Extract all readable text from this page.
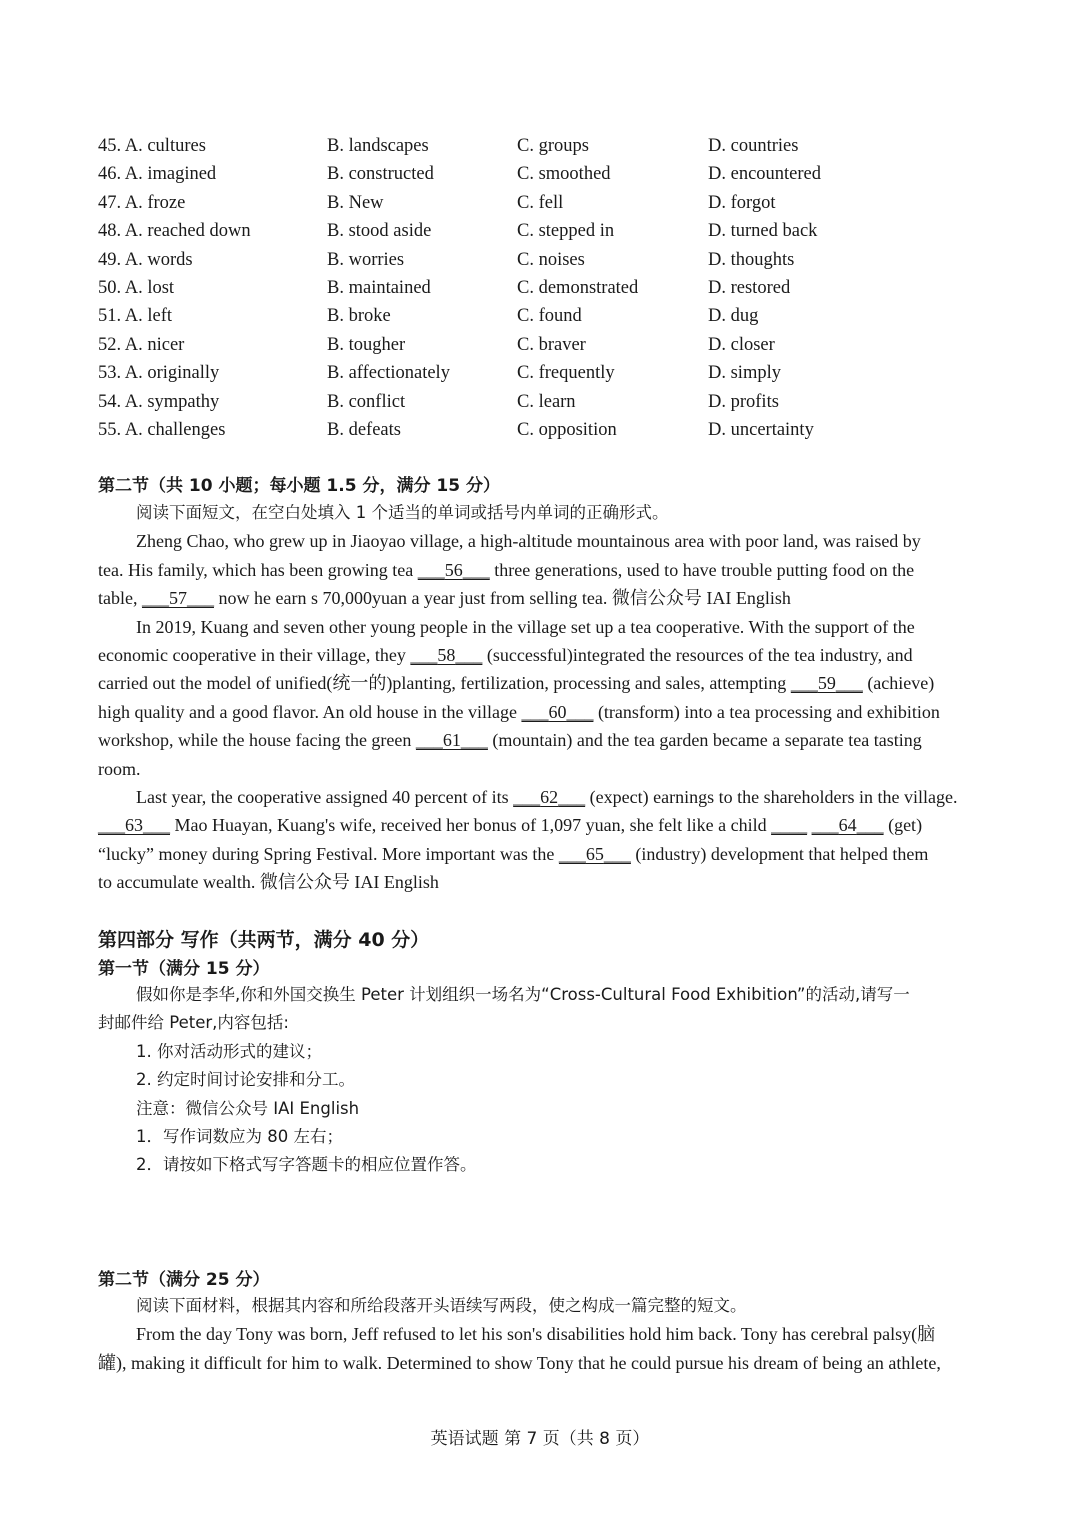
45. A. cultures	B. landscapes	C. groups	D. countries
46. A. imagined	B. constructed	C. smoothed	D. encountered
47. A. froze	B. New	C. fell	D. forgot
48. A. reached down	B. stood aside	C. stepped in	D. turned back
49. A. words	B. worries	C. noises	D. thoughts
50. A. lost	B. maintained	C. demonstrated	D. restored
51. A. left	B. broke	C. found	D. dug
52. A. nicer	B. tougher	C. braver	D. closer
53. A. originally	B. affectionately	C. frequently	D. simply
54. A. sympathy	B. conflict	C. learn	D. profits
55. A. challenges	B. defeats	C. opposition	D. uncertainty
第二节（共 10 小题；每小题 1.5 分，满分 15 分）
阅读下面短文，在空白处填入 1 个适当的单词或括号内单词的正确形式。
Zheng Chao, who grew up in Jiaoyao village, a high-altitude mountainous area with poor land, was raised by
tea. His family, which has been growing tea ___56___ three generations, used to have trouble putting food on the
table, ___57___ now he earn s 70,000yuan a year just from selling tea. 微信公众号 IAI English
In 2019, Kuang and seven other young people in the village set up a tea cooperative. With the support of the
economic cooperative in their village, they ___58___ (successful)integrated the resources of the tea industry, and
carried out the model of unified(统一的)planting, fertilization, processing and sales, attempting ___59___ (achieve)
high quality and a good flavor. An old house in the village ___60___ (transform) into a tea processing and exhibition
workshop, while the house facing the green ___61___ (mountain) and the tea garden became a separate tea tasting
room.
Last year, the cooperative assigned 40 percent of its ___62___ (expect) earnings to the shareholders in the village.
___63___ Mao Huayan, Kuang's wife, received her bonus of 1,097 yuan, she felt like a child ____ ___64___ (get)
“lucky” money during Spring Festival. More important was the ___65___ (industry) development that helped them
to accumulate wealth. 微信公众号 IAI English
第四部分 写作（共两节，满分 40 分）
第一节（满分 15 分）
假如你是李华,你和外国交换生 Peter 计划组织一场名为“Cross-Cultural Food Exhibition”的活动,请写一
封邮件给 Peter,内容包括:
1. 你对活动形式的建议；
2. 约定时间讨论安排和分工。
注意：微信公众号 IAI English
1．写作词数应为 80 左右；
2．请按如下格式写字答题卡的相应位置作答。
第二节（满分 25 分）
阅读下面材料，根据其内容和所给段落开头语续写两段，使之构成一篇完整的短文。
From the day Tony was born, Jeff refused to let his son's disabilities hold him back. Tony has cerebral palsy(脑
罐), making it difficult for him to walk. Determined to show Tony that he could pursue his dream of being an athlete,
英语试题 第 7 页（共 8 页）
